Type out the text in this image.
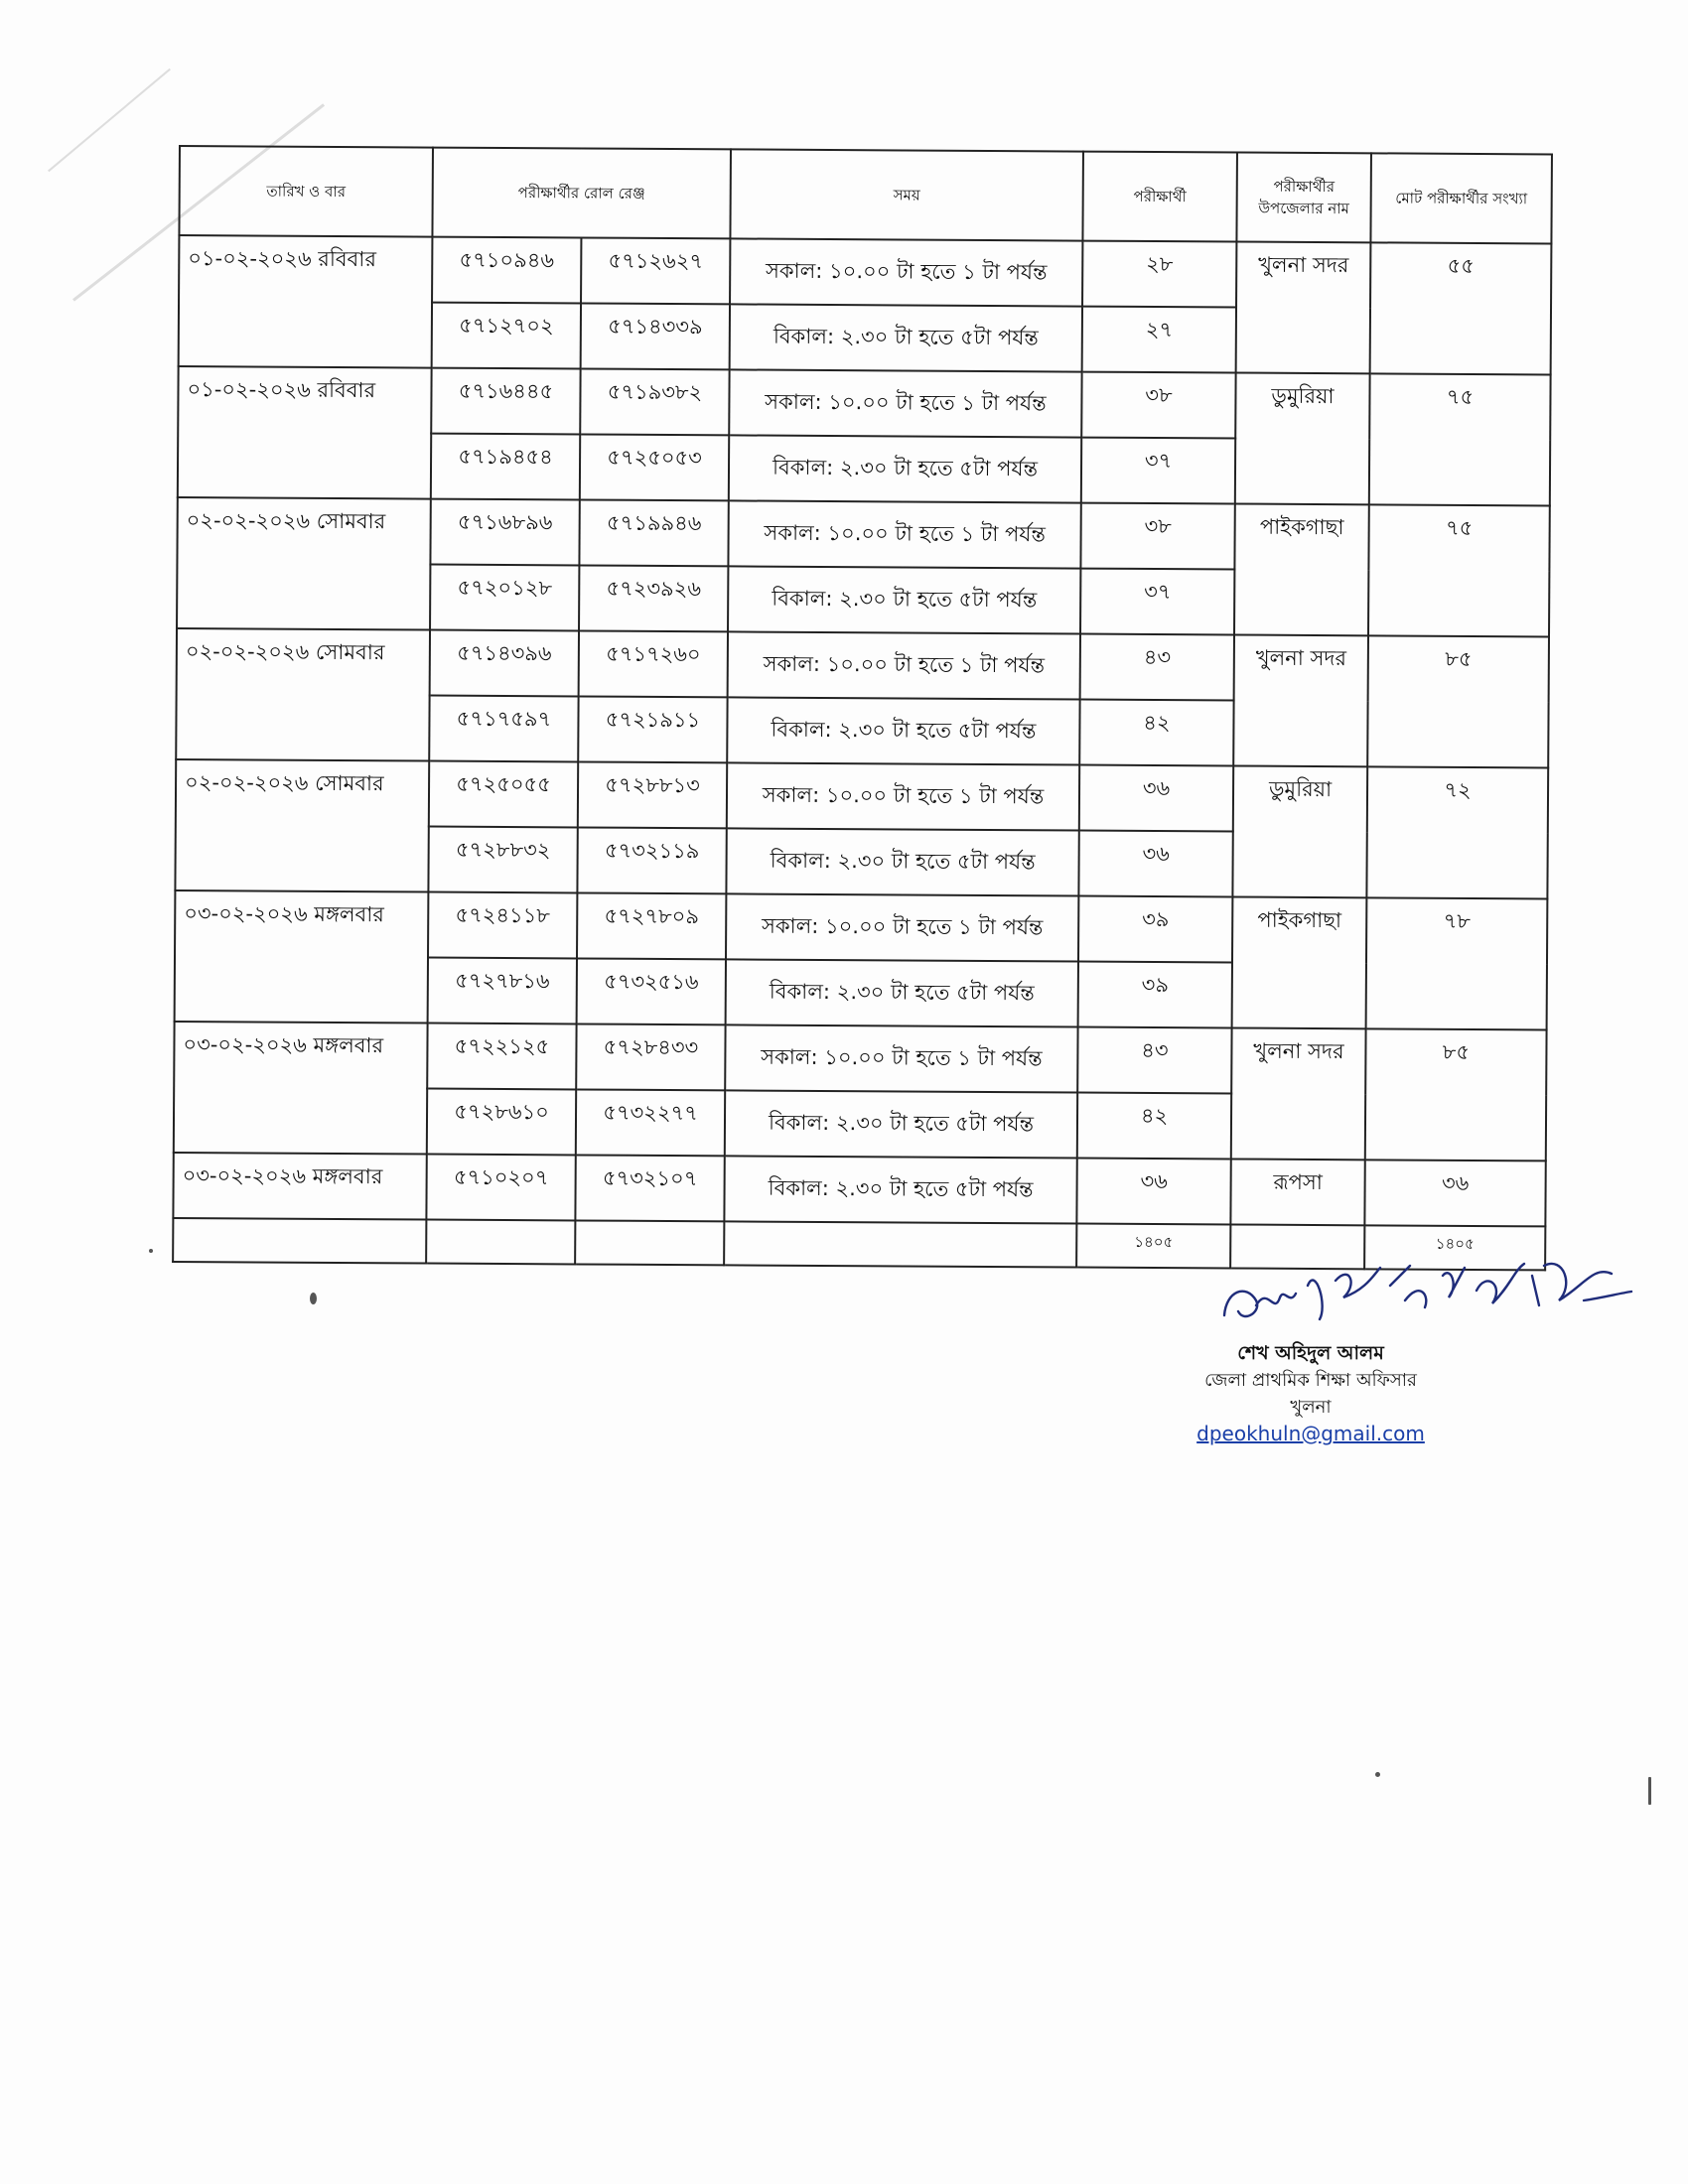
তারিখ ও বার	পরীক্ষার্থীর রোল রেঞ্জ		সময়	পরীক্ষার্থী	পরীক্ষার্থীর উপজেলার নাম	মোট পরীক্ষার্থীর সংখ্যা
০১-০২-২০২৬ রবিবার	৫৭১০৯৪৬	৫৭১২৬২৭	সকাল: ১০.০০ টা হতে ১ টা পর্যন্ত	২৮	খুলনা সদর	৫৫
	৫৭১২৭০২	৫৭১৪৩৩৯	বিকাল: ২.৩০ টা হতে ৫টা পর্যন্ত	২৭		
০১-০২-২০২৬ রবিবার	৫৭১৬৪৪৫	৫৭১৯৩৮২	সকাল: ১০.০০ টা হতে ১ টা পর্যন্ত	৩৮	ডুমুরিয়া	৭৫
	৫৭১৯৪৫৪	৫৭২৫০৫৩	বিকাল: ২.৩০ টা হতে ৫টা পর্যন্ত	৩৭		
০২-০২-২০২৬ সোমবার	৫৭১৬৮৯৬	৫৭১৯৯৪৬	সকাল: ১০.০০ টা হতে ১ টা পর্যন্ত	৩৮	পাইকগাছা	৭৫
	৫৭২০১২৮	৫৭২৩৯২৬	বিকাল: ২.৩০ টা হতে ৫টা পর্যন্ত	৩৭		
০২-০২-২০২৬ সোমবার	৫৭১৪৩৯৬	৫৭১৭২৬০	সকাল: ১০.০০ টা হতে ১ টা পর্যন্ত	৪৩	খুলনা সদর	৮৫
	৫৭১৭৫৯৭	৫৭২১৯১১	বিকাল: ২.৩০ টা হতে ৫টা পর্যন্ত	৪২		
০২-০২-২০২৬ সোমবার	৫৭২৫০৫৫	৫৭২৮৮১৩	সকাল: ১০.০০ টা হতে ১ টা পর্যন্ত	৩৬	ডুমুরিয়া	৭২
	৫৭২৮৮৩২	৫৭৩২১১৯	বিকাল: ২.৩০ টা হতে ৫টা পর্যন্ত	৩৬		
০৩-০২-২০২৬ মঙ্গলবার	৫৭২৪১১৮	৫৭২৭৮০৯	সকাল: ১০.০০ টা হতে ১ টা পর্যন্ত	৩৯	পাইকগাছা	৭৮
	৫৭২৭৮১৬	৫৭৩২৫১৬	বিকাল: ২.৩০ টা হতে ৫টা পর্যন্ত	৩৯		
০৩-০২-২০২৬ মঙ্গলবার	৫৭২২১২৫	৫৭২৮৪৩৩	সকাল: ১০.০০ টা হতে ১ টা পর্যন্ত	৪৩	খুলনা সদর	৮৫
	৫৭২৮৬১০	৫৭৩২২৭৭	বিকাল: ২.৩০ টা হতে ৫টা পর্যন্ত	৪২		
০৩-০২-২০২৬ মঙ্গলবার	৫৭১০২০৭	৫৭৩২১০৭	বিকাল: ২.৩০ টা হতে ৫টা পর্যন্ত	৩৬	রূপসা	৩৬
				১৪০৫		১৪০৫
শেখ অহিদুল আলম
জেলা প্রাথমিক শিক্ষা অফিসার
খুলনা
dpeokhuln@gmail.com
